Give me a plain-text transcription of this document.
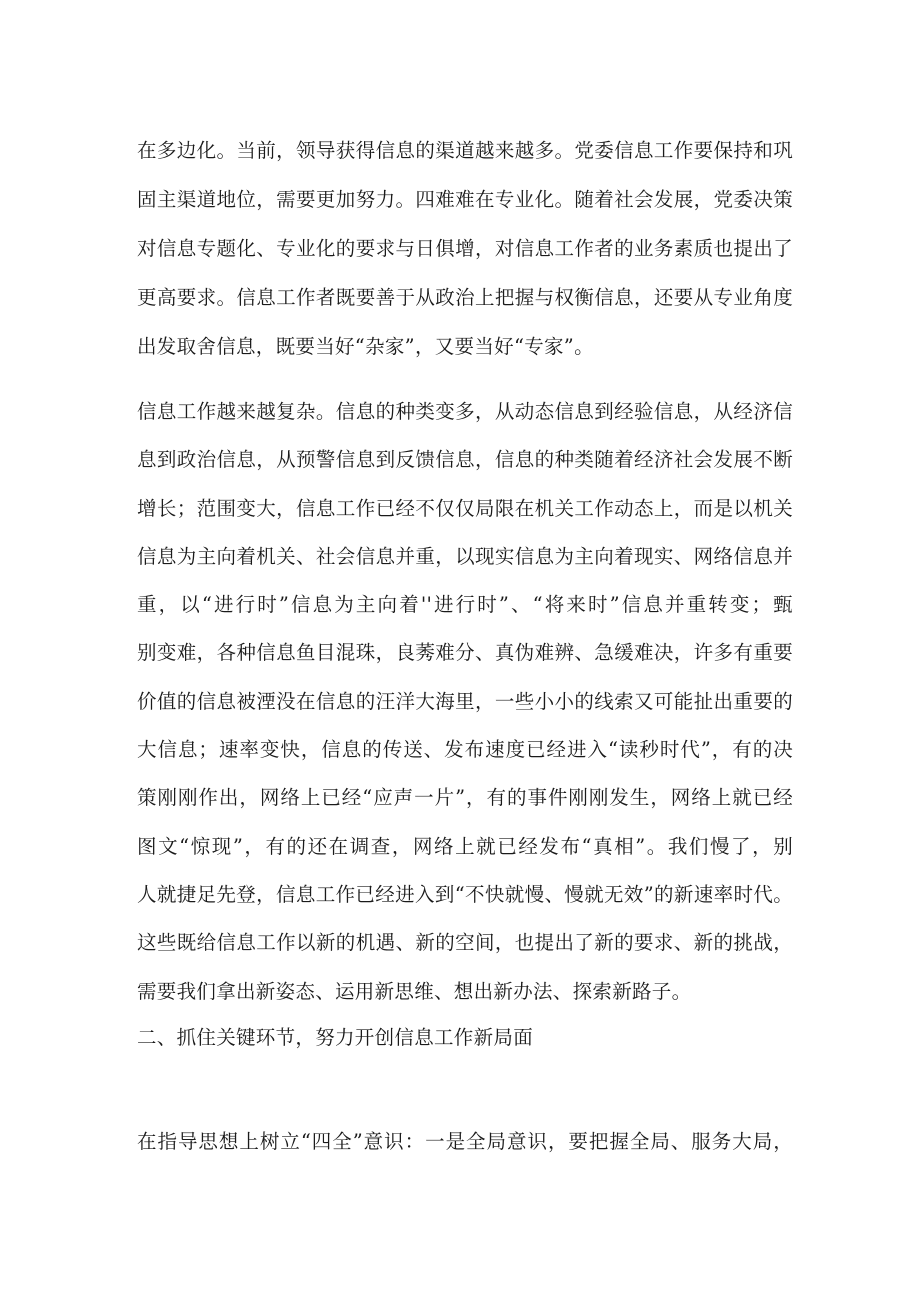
在多边化。当前，领导获得信息的渠道越来越多。党委信息工作要保持和巩
固主渠道地位，需要更加努力。四难难在专业化。随着社会发展，党委决策
对信息专题化、专业化的要求与日俱增，对信息工作者的业务素质也提出了
更高要求。信息工作者既要善于从政治上把握与权衡信息，还要从专业角度
出发取舍信息，既要当好“杂家”，又要当好“专家”。
信息工作越来越复杂。信息的种类变多，从动态信息到经验信息，从经济信
息到政治信息，从预警信息到反馈信息，信息的种类随着经济社会发展不断
增长；范围变大，信息工作已经不仅仅局限在机关工作动态上，而是以机关
信息为主向着机关、社会信息并重，以现实信息为主向着现实、网络信息并
重，以“进行时”信息为主向着''进行时”、“将来时”信息并重转变；甄
别变难，各种信息鱼目混珠，良莠难分、真伪难辨、急缓难决，许多有重要
价值的信息被湮没在信息的汪洋大海里，一些小小的线索又可能扯出重要的
大信息；速率变快，信息的传送、发布速度已经进入“读秒时代”，有的决
策刚刚作出，网络上已经“应声一片”，有的事件刚刚发生，网络上就已经
图文“惊现”，有的还在调查，网络上就已经发布“真相”。我们慢了，别
人就捷足先登，信息工作已经进入到“不快就慢、慢就无效”的新速率时代。
这些既给信息工作以新的机遇、新的空间，也提出了新的要求、新的挑战，
需要我们拿出新姿态、运用新思维、想出新办法、探索新路子。
二、抓住关键环节，努力开创信息工作新局面
在指导思想上树立“四全”意识：一是全局意识，要把握全局、服务大局，
